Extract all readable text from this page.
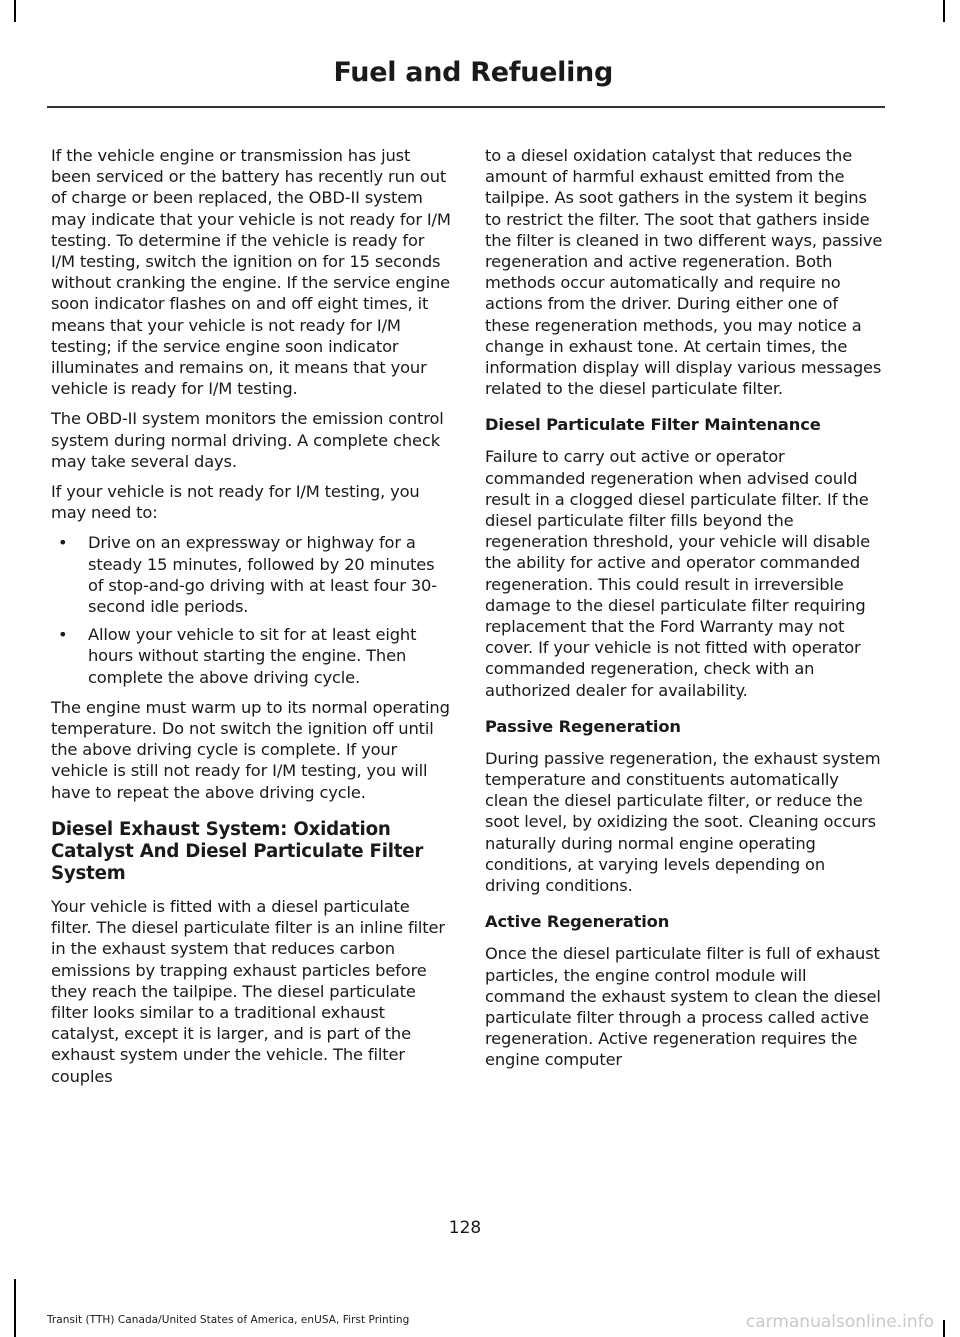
Fuel and Refueling

If the vehicle engine or transmission has just been serviced or the battery has recently run out of charge or been replaced, the OBD-II system may indicate that your vehicle is not ready for I/M testing. To determine if the vehicle is ready for I/M testing, switch the ignition on for 15 seconds without cranking the engine. If the service engine soon indicator flashes on and off eight times, it means that your vehicle is not ready for I/M testing; if the service engine soon indicator illuminates and remains on, it means that your vehicle is ready for I/M testing.

The OBD-II system monitors the emission control system during normal driving. A complete check may take several days.

If your vehicle is not ready for I/M testing, you may need to:

• Drive on an expressway or highway for a steady 15 minutes, followed by 20 minutes of stop-and-go driving with at least four 30-second idle periods.
• Allow your vehicle to sit for at least eight hours without starting the engine. Then complete the above driving cycle.

The engine must warm up to its normal operating temperature. Do not switch the ignition off until the above driving cycle is complete. If your vehicle is still not ready for I/M testing, you will have to repeat the above driving cycle.

Diesel Exhaust System: Oxidation Catalyst And Diesel Particulate Filter System

Your vehicle is fitted with a diesel particulate filter. The diesel particulate filter is an inline filter in the exhaust system that reduces carbon emissions by trapping exhaust particles before they reach the tailpipe. The diesel particulate filter looks similar to a traditional exhaust catalyst, except it is larger, and is part of the exhaust system under the vehicle. The filter couples

to a diesel oxidation catalyst that reduces the amount of harmful exhaust emitted from the tailpipe. As soot gathers in the system it begins to restrict the filter. The soot that gathers inside the filter is cleaned in two different ways, passive regeneration and active regeneration. Both methods occur automatically and require no actions from the driver. During either one of these regeneration methods, you may notice a change in exhaust tone. At certain times, the information display will display various messages related to the diesel particulate filter.

Diesel Particulate Filter Maintenance

Failure to carry out active or operator commanded regeneration when advised could result in a clogged diesel particulate filter. If the diesel particulate filter fills beyond the regeneration threshold, your vehicle will disable the ability for active and operator commanded regeneration. This could result in irreversible damage to the diesel particulate filter requiring replacement that the Ford Warranty may not cover. If your vehicle is not fitted with operator commanded regeneration, check with an authorized dealer for availability.

Passive Regeneration

During passive regeneration, the exhaust system temperature and constituents automatically clean the diesel particulate filter, or reduce the soot level, by oxidizing the soot. Cleaning occurs naturally during normal engine operating conditions, at varying levels depending on driving conditions.

Active Regeneration

Once the diesel particulate filter is full of exhaust particles, the engine control module will command the exhaust system to clean the diesel particulate filter through a process called active regeneration. Active regeneration requires the engine computer

128

Transit (TTH) Canada/United States of America, enUSA, First Printing	carmanualsonline.info
